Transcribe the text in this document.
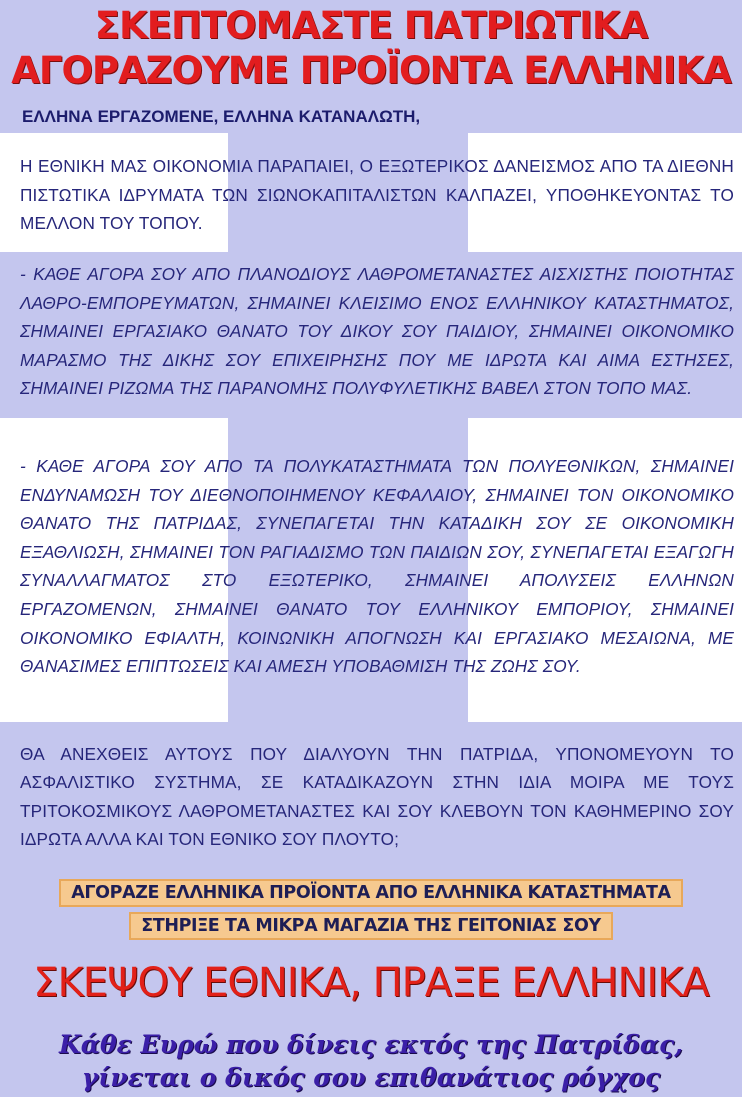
ΣΚΕΠΤΟΜΑΣΤΕ ΠΑΤΡΙΩΤΙΚΑ
ΑΓΟΡΑΖΟΥΜΕ ΠΡΟΪΟΝΤΑ ΕΛΛΗΝΙΚΑ
ΕΛΛΗΝΑ ΕΡΓΑΖΟΜΕΝΕ, ΕΛΛΗΝΑ ΚΑΤΑΝΑΛΩΤΗ,
Η ΕΘΝΙΚΗ ΜΑΣ ΟΙΚΟΝΟΜΙΑ ΠΑΡΑΠΑΙΕΙ, Ο ΕΞΩΤΕΡΙΚΟΣ ΔΑΝΕΙΣΜΟΣ ΑΠΟ ΤΑ ΔΙΕΘΝΗ ΠΙΣΤΩΤΙΚΑ ΙΔΡΥΜΑΤΑ ΤΩΝ ΣΙΩΝΟΚΑΠΙΤΑΛΙΣΤΩΝ ΚΑΛΠΑΖΕΙ, ΥΠΟΘΗΚΕΥΟΝΤΑΣ ΤΟ ΜΕΛΛΟΝ ΤΟΥ ΤΟΠΟΥ.
- ΚΑΘΕ ΑΓΟΡΑ ΣΟΥ ΑΠΟ ΠΛΑΝΟΔΙΟΥΣ ΛΑΘΡΟΜΕΤΑΝΑΣΤΕΣ ΑΙΣΧΙΣΤΗΣ ΠΟΙΟΤΗΤΑΣ ΛΑΘΡΟ-ΕΜΠΟΡΕΥΜΑΤΩΝ, ΣΗΜΑΙΝΕΙ ΚΛΕΙΣΙΜΟ ΕΝΟΣ ΕΛΛΗΝΙΚΟΥ ΚΑΤΑΣΤΗΜΑΤΟΣ, ΣΗΜΑΙΝΕΙ ΕΡΓΑΣΙΑΚΟ ΘΑΝΑΤΟ ΤΟΥ ΔΙΚΟΥ ΣΟΥ ΠΑΙΔΙΟΥ, ΣΗΜΑΙΝΕΙ ΟΙΚΟΝΟΜΙΚΟ ΜΑΡΑΣΜΟ ΤΗΣ ΔΙΚΗΣ ΣΟΥ ΕΠΙΧΕΙΡΗΣΗΣ ΠΟΥ ΜΕ ΙΔΡΩΤΑ ΚΑΙ ΑΙΜΑ ΕΣΤΗΣΕΣ, ΣΗΜΑΙΝΕΙ ΡΙΖΩΜΑ ΤΗΣ ΠΑΡΑΝΟΜΗΣ ΠΟΛΥΦΥΛΕΤΙΚΗΣ ΒΑΒΕΛ ΣΤΟΝ ΤΟΠΟ ΜΑΣ.
- ΚΑΘΕ ΑΓΟΡΑ ΣΟΥ ΑΠΟ ΤΑ ΠΟΛΥΚΑΤΑΣΤΗΜΑΤΑ ΤΩΝ ΠΟΛΥΕΘΝΙΚΩΝ, ΣΗΜΑΙΝΕΙ ΕΝΔΥΝΑΜΩΣΗ ΤΟΥ ΔΙΕΘΝΟΠΟΙΗΜΕΝΟΥ ΚΕΦΑΛΑΙΟΥ, ΣΗΜΑΙΝΕΙ ΤΟΝ ΟΙΚΟΝΟΜΙΚΟ ΘΑΝΑΤΟ ΤΗΣ ΠΑΤΡΙΔΑΣ, ΣΥΝΕΠΑΓΕΤΑΙ ΤΗΝ ΚΑΤΑΔΙΚΗ ΣΟΥ ΣΕ ΟΙΚΟΝΟΜΙΚΗ ΕΞΑΘΛΙΩΣΗ, ΣΗΜΑΙΝΕΙ ΤΟΝ ΡΑΓΙΑΔΙΣΜΟ ΤΩΝ ΠΑΙΔΙΩΝ ΣΟΥ, ΣΥΝΕΠΑΓΕΤΑΙ ΕΞΑΓΩΓΗ ΣΥΝΑΛΛΑΓΜΑΤΟΣ ΣΤΟ ΕΞΩΤΕΡΙΚΟ, ΣΗΜΑΙΝΕΙ ΑΠΟΛΥΣΕΙΣ ΕΛΛΗΝΩΝ ΕΡΓΑΖΟΜΕΝΩΝ, ΣΗΜΑΙΝΕΙ ΘΑΝΑΤΟ ΤΟΥ ΕΛΛΗΝΙΚΟΥ ΕΜΠΟΡΙΟΥ, ΣΗΜΑΙΝΕΙ ΟΙΚΟΝΟΜΙΚΟ ΕΦΙΑΛΤΗ, ΚΟΙΝΩΝΙΚΗ ΑΠΟΓΝΩΣΗ ΚΑΙ ΕΡΓΑΣΙΑΚΟ ΜΕΣΑΙΩΝΑ, ΜΕ ΘΑΝΑΣΙΜΕΣ ΕΠΙΠΤΩΣΕΙΣ ΚΑΙ ΑΜΕΣΗ ΥΠΟΒΑΘΜΙΣΗ ΤΗΣ ΖΩΗΣ ΣΟΥ.
ΘΑ ΑΝΕΧΘΕΙΣ ΑΥΤΟΥΣ ΠΟΥ ΔΙΑΛΥΟΥΝ ΤΗΝ ΠΑΤΡΙΔΑ, ΥΠΟΝΟΜΕΥΟΥΝ ΤΟ ΑΣΦΑΛΙΣΤΙΚΟ ΣΥΣΤΗΜΑ, ΣΕ ΚΑΤΑΔΙΚΑΖΟΥΝ ΣΤΗΝ ΙΔΙΑ ΜΟΙΡΑ ΜΕ ΤΟΥΣ ΤΡΙΤΟΚΟΣΜΙΚΟΥΣ ΛΑΘΡΟΜΕΤΑΝΑΣΤΕΣ ΚΑΙ ΣΟΥ ΚΛΕΒΟΥΝ ΤΟΝ ΚΑΘΗΜΕΡΙΝΟ ΣΟΥ ΙΔΡΩΤΑ ΑΛΛΑ ΚΑΙ ΤΟΝ ΕΘΝΙΚΟ ΣΟΥ ΠΛΟΥΤΟ;
ΑΓΟΡΑΖΕ ΕΛΛΗΝΙΚΑ ΠΡΟΪΟΝΤΑ ΑΠΟ ΕΛΛΗΝΙΚΑ ΚΑΤΑΣΤΗΜΑΤΑ
ΣΤΗΡΙΞΕ ΤΑ ΜΙΚΡΑ ΜΑΓΑΖΙΑ ΤΗΣ ΓΕΙΤΟΝΙΑΣ ΣΟΥ
ΣΚΕΨΟΥ ΕΘΝΙΚΑ, ΠΡΑΞΕ ΕΛΛΗΝΙΚΑ
Κάθε Ευρώ που δίνεις εκτός της Πατρίδας,
γίνεται ο δικός σου επιθανάτιος ρόγχος
